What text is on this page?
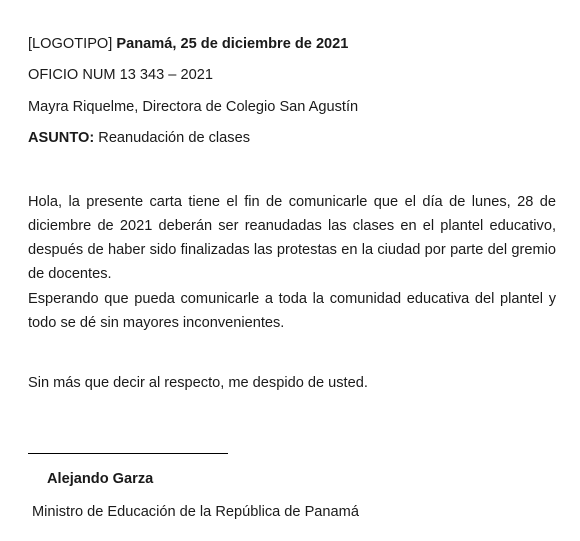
[LOGOTIPO] Panamá, 25 de diciembre de 2021
OFICIO NUM 13 343 – 2021
Mayra Riquelme, Directora de Colegio San Agustín
ASUNTO: Reanudación de clases
Hola, la presente carta tiene el fin de comunicarle que el día de lunes, 28 de diciembre de 2021 deberán ser reanudadas las clases en el plantel educativo, después de haber sido finalizadas las protestas en la ciudad por parte del gremio de docentes.
Esperando que pueda comunicarle a toda la comunidad educativa del plantel y todo se dé sin mayores inconvenientes.
Sin más que decir al respecto, me despido de usted.
Alejando Garza
Ministro de Educación de la República de Panamá
